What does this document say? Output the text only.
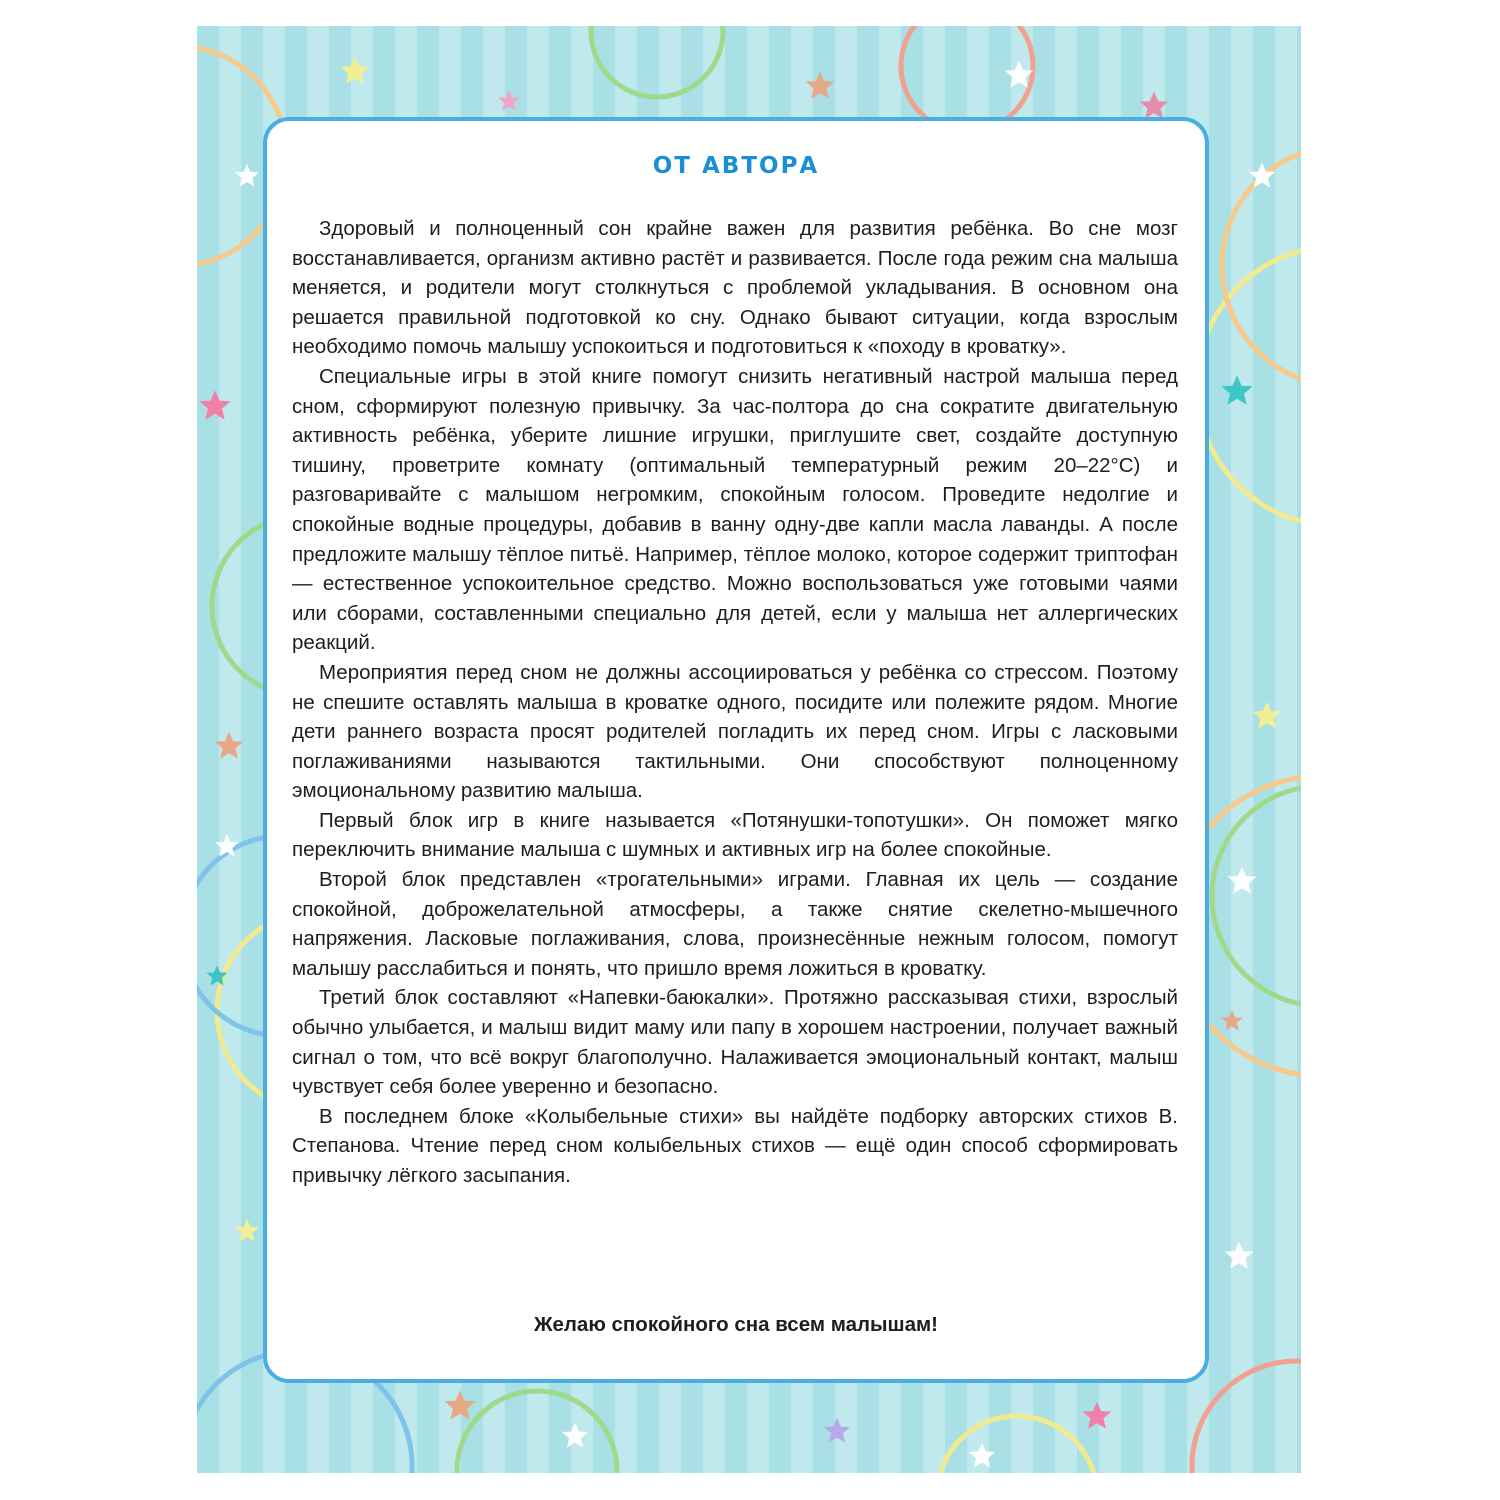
ОТ АВТОРА

Здоровый и полноценный сон крайне важен для развития ребёнка. Во сне мозг восстанавливается, организм активно растёт и развивается. После года режим сна малыша меняется, и родители могут столкнуться с проблемой укладывания. В основном она решается правильной подготовкой ко сну. Однако бывают ситуации, когда взрослым необходимо помочь малышу успокоиться и подготовиться к «походу в кроватку».

Специальные игры в этой книге помогут снизить негативный настрой малыша перед сном, сформируют полезную привычку. За час-полтора до сна сократите двигательную активность ребёнка, уберите лишние игрушки, приглушите свет, создайте доступную тишину, проветрите комнату (оптимальный температурный режим 20–22°С) и разговаривайте с малышом негромким, спокойным голосом. Проведите недолгие и спокойные водные процедуры, добавив в ванну одну-две капли масла лаванды. А после предложите малышу тёплое питьё. Например, тёплое молоко, которое содержит триптофан — естественное успокоительное средство. Можно воспользоваться уже готовыми чаями или сборами, составленными специально для детей, если у малыша нет аллергических реакций.

Мероприятия перед сном не должны ассоциироваться у ребёнка со стрессом. Поэтому не спешите оставлять малыша в кроватке одного, посидите или полежите рядом. Многие дети раннего возраста просят родителей погладить их перед сном. Игры с ласковыми поглаживаниями называются тактильными. Они способствуют полноценному эмоциональному развитию малыша.

Первый блок игр в книге называется «Потянушки-топотушки». Он поможет мягко переключить внимание малыша с шумных и активных игр на более спокойные.

Второй блок представлен «трогательными» играми. Главная их цель — создание спокойной, доброжелательной атмосферы, а также снятие скелетно-мышечного напряжения. Ласковые поглаживания, слова, произнесённые нежным голосом, помогут малышу расслабиться и понять, что пришло время ложиться в кроватку.

Третий блок составляют «Напевки-баюкалки». Протяжно рассказывая стихи, взрослый обычно улыбается, и малыш видит маму или папу в хорошем настроении, получает важный сигнал о том, что всё вокруг благополучно. Налаживается эмоциональный контакт, малыш чувствует себя более уверенно и безопасно.

В последнем блоке «Колыбельные стихи» вы найдёте подборку авторских стихов В. Степанова. Чтение перед сном колыбельных стихов — ещё один способ сформировать привычку лёгкого засыпания.

Желаю спокойного сна всем малышам!
